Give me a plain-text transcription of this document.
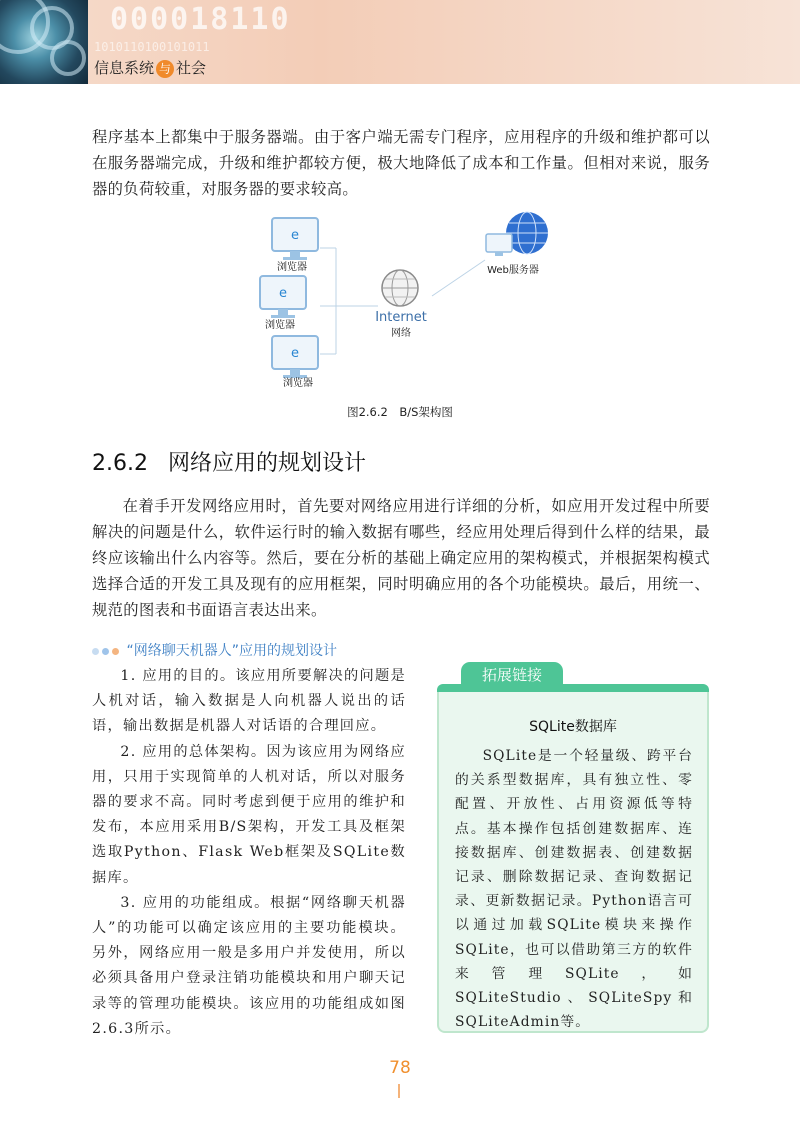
000018110
1010110100101011
信息系统 与 社会

程序基本上都集中于服务器端。由于客户端无需专门程序，应用程序的升级和维护都可以在服务器端完成，升级和维护都较方便，极大地降低了成本和工作量。但相对来说，服务器的负荷较重，对服务器的要求较高。

e
e
e
浏览器
浏览器
浏览器
Internet
网络
Web服务器
图2.6.2　B/S架构图
2.6.2 网络应用的规划设计

在着手开发网络应用时，首先要对网络应用进行详细的分析，如应用开发过程中所要解决的问题是什么，软件运行时的输入数据有哪些，经应用处理后得到什么样的结果，最终应该输出什么内容等。然后，要在分析的基础上确定应用的架构模式，并根据架构模式选择合适的开发工具及现有的应用框架，同时明确应用的各个功能模块。最后，用统一、规范的图表和书面语言表达出来。

“网络聊天机器人”应用的规划设计

1. 应用的目的。该应用所要解决的问题是人机对话，输入数据是人向机器人说出的话语，输出数据是机器人对话语的合理回应。

2. 应用的总体架构。因为该应用为网络应用，只用于实现简单的人机对话，所以对服务器的要求不高。同时考虑到便于应用的维护和发布，本应用采用B/S架构，开发工具及框架选取Python、Flask Web框架及SQLite数据库。

3. 应用的功能组成。根据“网络聊天机器人”的功能可以确定该应用的主要功能模块。另外，网络应用一般是多用户并发使用，所以必须具备用户登录注销功能模块和用户聊天记录等的管理功能模块。该应用的功能组成如图2.6.3所示。

拓展链接
SQLite数据库

SQLite是一个轻量级、跨平台的关系型数据库，具有独立性、零配置、开放性、占用资源低等特点。基本操作包括创建数据库、连接数据库、创建数据表、创建数据记录、删除数据记录、查询数据记录、更新数据记录。Python语言可以通过加载SQLite模块来操作SQLite，也可以借助第三方的软件来管理SQLite，如SQLiteStudio、SQLiteSpy和SQLiteAdmin等。

78
